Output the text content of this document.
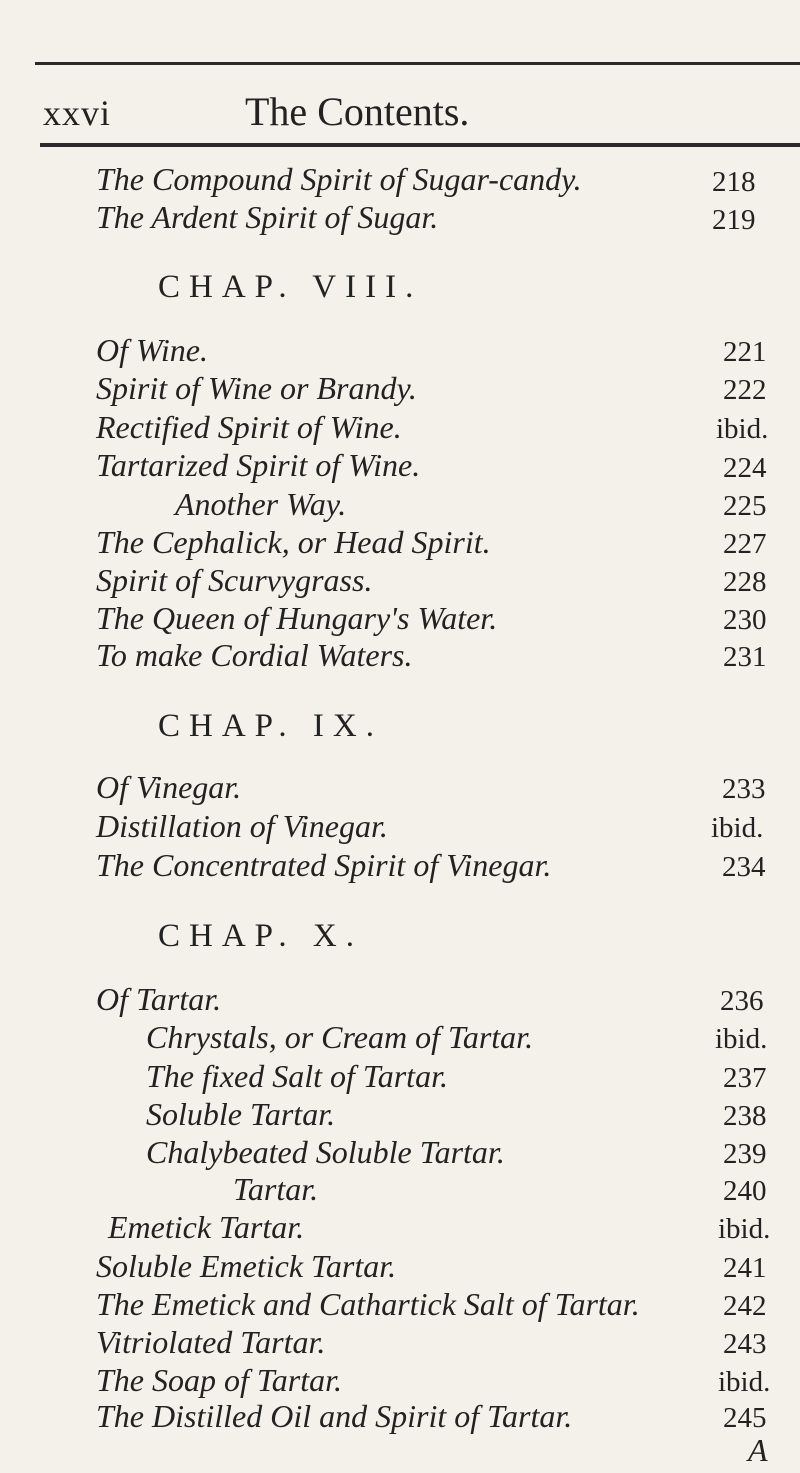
xxvi	The Contents.
The Compound Spirit of Sugar-candy.	218
The Ardent Spirit of Sugar.	219
CHAP. VIII.
Of Wine.	221
Spirit of Wine or Brandy.	222
Rectified Spirit of Wine.	ibid.
Tartarized Spirit of Wine.	224
Another Way.	225
The Cephalick, or Head Spirit.	227
Spirit of Scurvygrass.	228
The Queen of Hungary's Water.	230
To make Cordial Waters.	231
CHAP. IX.
Of Vinegar.	233
Distillation of Vinegar.	ibid.
The Concentrated Spirit of Vinegar.	234
CHAP. X.
Of Tartar.	236
Chrystals, or Cream of Tartar.	ibid.
The fixed Salt of Tartar.	237
Soluble Tartar.	238
Chalybeated Soluble Tartar.	239
Tartar.	240
Emetick Tartar.	ibid.
Soluble Emetick Tartar.	241
The Emetick and Cathartick Salt of Tartar.	242
Vitriolated Tartar.	243
The Soap of Tartar.	ibid.
The Distilled Oil and Spirit of Tartar.	245
A
